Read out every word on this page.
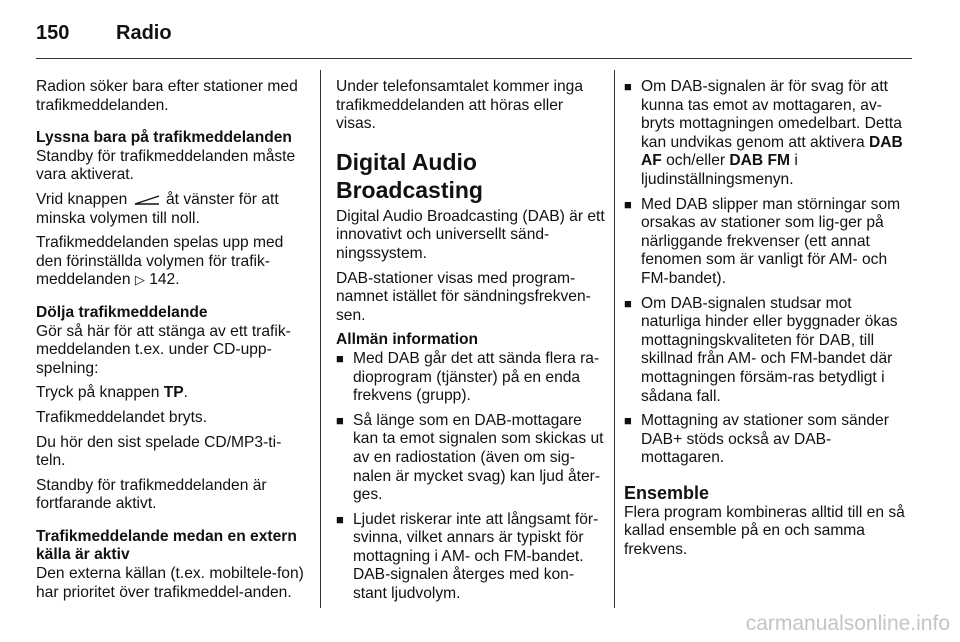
150	Radio

Radion söker bara efter stationer med trafikmeddelanden.

Lyssna bara på trafikmeddelanden

Standby för trafikmeddelanden måste vara aktiverat.

Vrid knappen  åt vänster för att minska volymen till noll.

Trafikmeddelanden spelas upp med den förinställda volymen för trafik-meddelanden ▷ 142.

Dölja trafikmeddelande

Gör så här för att stänga av ett trafik-meddelanden t.ex. under CD-upp-spelning:

Tryck på knappen TP.

Trafikmeddelandet bryts.

Du hör den sist spelade CD/MP3-ti-teln.

Standby för trafikmeddelanden är fortfarande aktivt.

Trafikmeddelande medan en extern källa är aktiv

Den externa källan (t.ex. mobiltele-fon) har prioritet över trafikmeddel-anden.

Under telefonsamtalet kommer inga trafikmeddelanden att höras eller visas.

Digital Audio Broadcasting

Digital Audio Broadcasting (DAB) är ett innovativt och universellt sänd-ningssystem.

DAB-stationer visas med program-namnet istället för sändningsfrekven-sen.

Allmän information

■ Med DAB går det att sända flera ra-dioprogram (tjänster) på en enda frekvens (grupp).
■ Så länge som en DAB-mottagare kan ta emot signalen som skickas ut av en radiostation (även om sig-nalen är mycket svag) kan ljud åter-ges.
■ Ljudet riskerar inte att långsamt för-svinna, vilket annars är typiskt för mottagning i AM- och FM-bandet. DAB-signalen återges med kon-stant ljudvolym.
■ Om DAB-signalen är för svag för att kunna tas emot av mottagaren, av-bryts mottagningen omedelbart. Detta kan undvikas genom att aktivera DAB AF och/eller DAB FM i ljudinställningsmenyn.
■ Med DAB slipper man störningar som orsakas av stationer som lig-ger på närliggande frekvenser (ett annat fenomen som är vanligt för AM- och FM-bandet).
■ Om DAB-signalen studsar mot naturliga hinder eller byggnader ökas mottagningskvaliteten för DAB, till skillnad från AM- och FM-bandet där mottagningen försäm-ras betydligt i sådana fall.
■ Mottagning av stationer som sänder DAB+ stöds också av DAB-mottagaren.
Ensemble

Flera program kombineras alltid till en så kallad ensemble på en och samma frekvens.

carmanualsonline.info
